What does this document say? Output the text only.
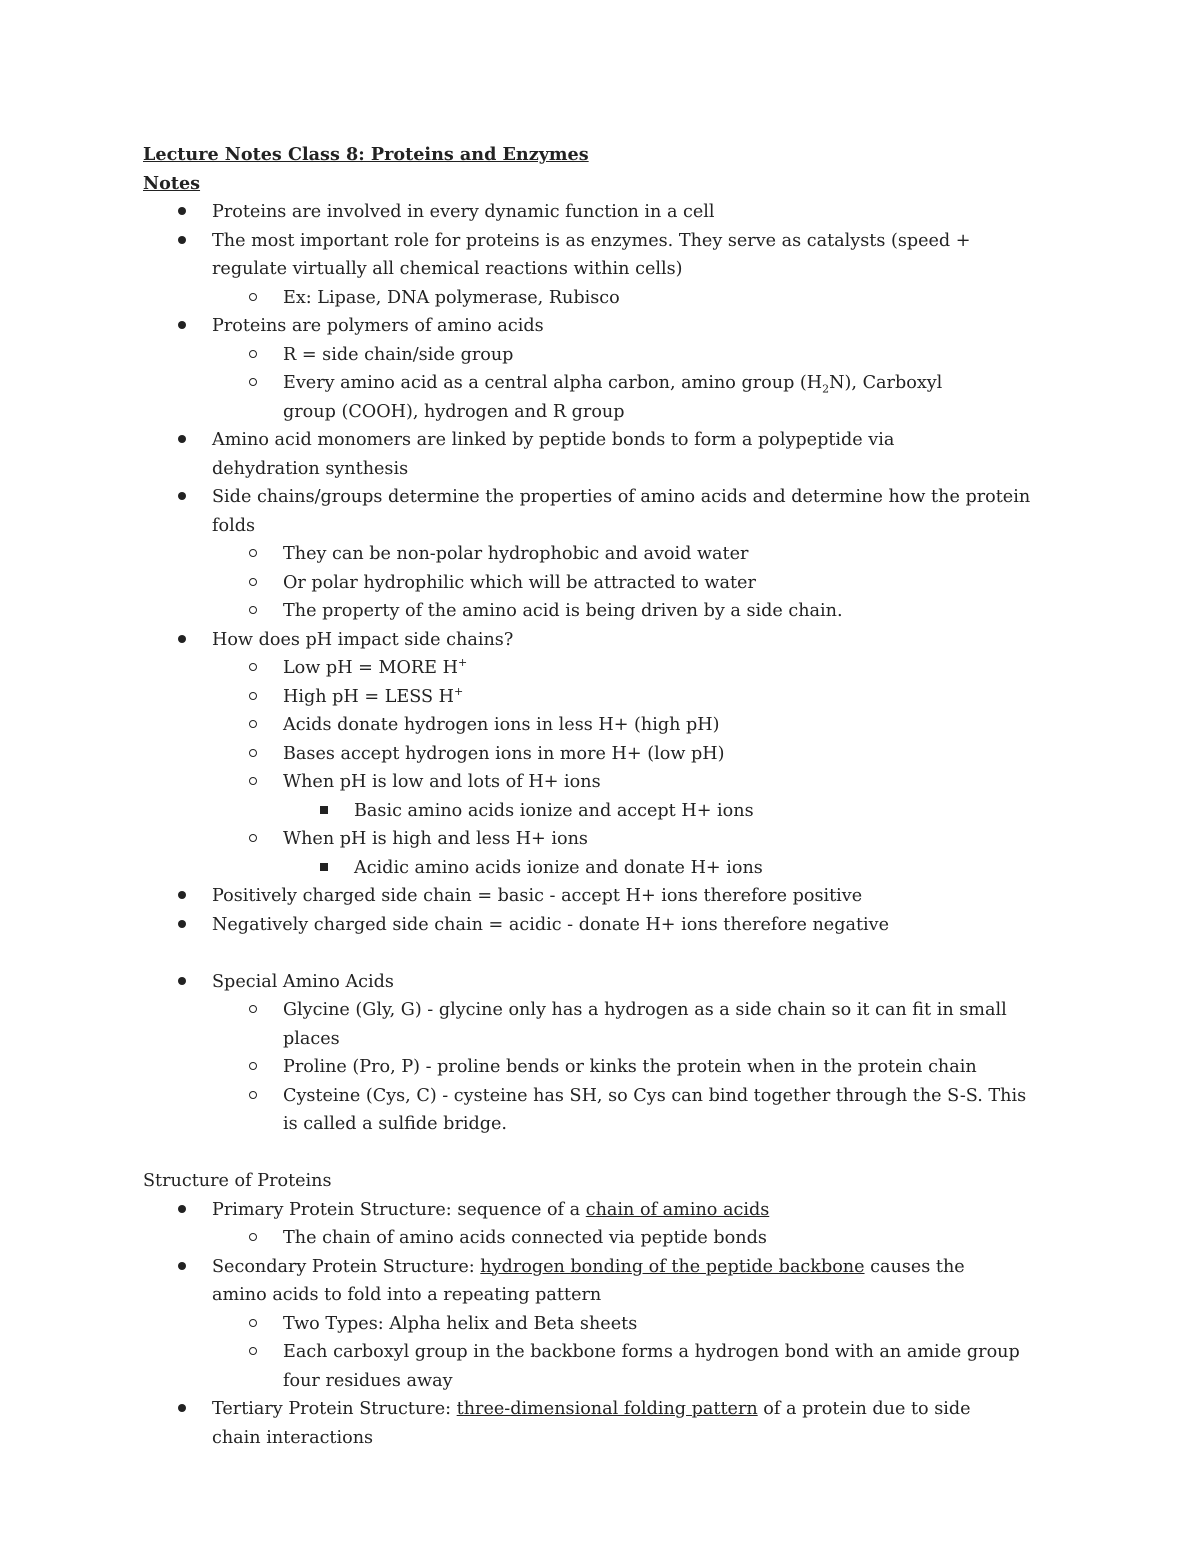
Lecture Notes Class 8: Proteins and Enzymes
Notes
Proteins are involved in every dynamic function in a cell
The most important role for proteins is as enzymes. They serve as catalysts (speed + regulate virtually all chemical reactions within cells)
Ex: Lipase, DNA polymerase, Rubisco
Proteins are polymers of amino acids
R = side chain/side group
Every amino acid as a central alpha carbon, amino group $(H_2N)$, Carboxyl group (COOH), hydrogen and R group
Amino acid monomers are linked by peptide bonds to form a polypeptide via dehydration synthesis
Side chains/groups determine the properties of amino acids and determine how the protein folds
They can be non-polar hydrophobic and avoid water
Or polar hydrophilic which will be attracted to water
The property of the amino acid is being driven by a side chain.
How does pH impact side chains?
Low pH = MORE H+
High pH = LESS H+
Acids donate hydrogen ions in less H+ (high pH)
Bases accept hydrogen ions in more H+ (low pH)
When pH is low and lots of H+ ions
Basic amino acids ionize and accept H+ ions
When pH is high and less H+ ions
Acidic amino acids ionize and donate H+ ions
Positively charged side chain = basic - accept H+ ions therefore positive
Negatively charged side chain = acidic - donate H+ ions therefore negative
Special Amino Acids
Glycine (Gly, G) - glycine only has a hydrogen as a side chain so it can fit in small places
Proline (Pro, P) - proline bends or kinks the protein when in the protein chain
Cysteine (Cys, C) - cysteine has SH, so Cys can bind together through the S-S. This is called a sulfide bridge.
Structure of Proteins
Primary Protein Structure: sequence of a chain of amino acids
The chain of amino acids connected via peptide bonds
Secondary Protein Structure: hydrogen bonding of the peptide backbone causes the amino acids to fold into a repeating pattern
Two Types: Alpha helix and Beta sheets
Each carboxyl group in the backbone forms a hydrogen bond with an amide group four residues away
Tertiary Protein Structure: three-dimensional folding pattern of a protein due to side chain interactions
